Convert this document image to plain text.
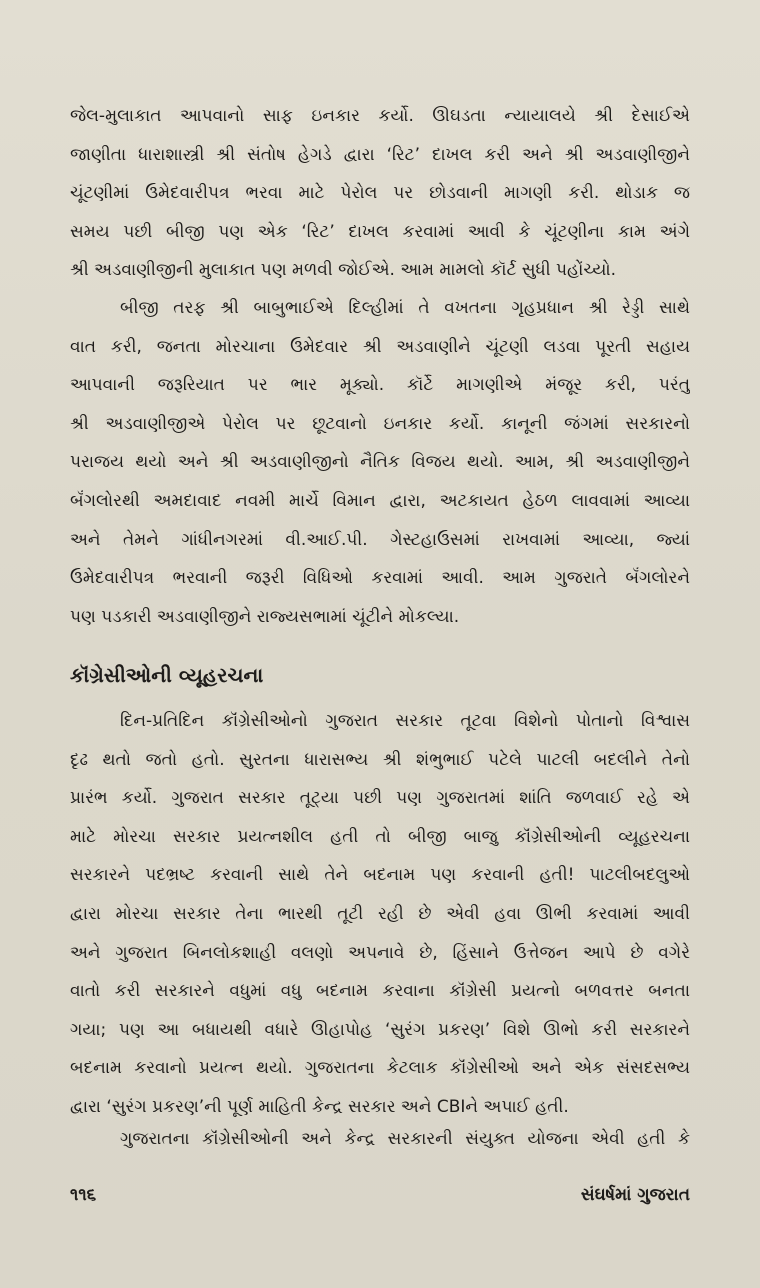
જેલ-મુલાકાત આપવાનો સાફ ઇનકાર કર્યો. ઊઘડતા ન્યાયાલયે શ્રી દેસાઈએ
જાણીતા ધારાશાસ્ત્રી શ્રી સંતોષ હેગડે દ્વારા ‘રિટ’ દાખલ કરી અને શ્રી અડવાણીજીને
ચૂંટણીમાં ઉમેદવારીપત્ર ભરવા માટે પેરોલ પર છોડવાની માગણી કરી. થોડાક જ
સમય પછી બીજી પણ એક ‘રિટ’ દાખલ કરવામાં આવી કે ચૂંટણીના કામ અંગે
શ્રી અડવાણીજીની મુલાકાત પણ મળવી જોઈએ. આમ મામલો કૉર્ટ સુધી પહોંચ્યો.
બીજી તરફ શ્રી બાબુભાઈએ દિલ્હીમાં તે વખતના ગૃહપ્રધાન શ્રી રેડ્ડી સાથે
વાત કરી, જનતા મોરચાના ઉમેદવાર શ્રી અડવાણીને ચૂંટણી લડવા પૂરતી સહાય
આપવાની જરૂરિયાત પર ભાર મૂક્યો. કૉર્ટે માગણીએ મંજૂર કરી, પરંતુ
શ્રી અડવાણીજીએ પેરોલ પર છૂટવાનો ઇનકાર કર્યો. કાનૂની જંગમાં સરકારનો
પરાજય થયો અને શ્રી અડવાણીજીનો નૈતિક વિજય થયો. આમ, શ્રી અડવાણીજીને
બૅંગલોરથી અમદાવાદ નવમી માર્ચે વિમાન દ્વારા, અટકાયત હેઠળ લાવવામાં આવ્યા
અને તેમને ગાંધીનગરમાં વી.આઈ.પી. ગેસ્ટહાઉસમાં રાખવામાં આવ્યા, જ્યાં
ઉમેદવારીપત્ર ભરવાની જરૂરી વિધિઓ કરવામાં આવી. આમ ગુજરાતે બૅંગલોરને
પણ પડકારી અડવાણીજીને રાજ્યસભામાં ચૂંટીને મોકલ્યા.
કૉંગ્રેસીઓની વ્યૂહરચના
દિન-પ્રતિદિન કૉંગ્રેસીઓનો ગુજરાત સરકાર તૂટવા વિશેનો પોતાનો વિશ્વાસ
દૃઢ થતો જતો હતો. સુરતના ધારાસભ્ય શ્રી શંભુભાઈ પટેલે પાટલી બદલીને તેનો
પ્રારંભ કર્યો. ગુજરાત સરકાર તૂટ્યા પછી પણ ગુજરાતમાં શાંતિ જળવાઈ રહે એ
માટે મોરચા સરકાર પ્રયત્નશીલ હતી તો બીજી બાજુ કૉંગ્રેસીઓની વ્યૂહરચના
સરકારને પદભ્રષ્ટ કરવાની સાથે તેને બદનામ પણ કરવાની હતી! પાટલીબદલુઓ
દ્વારા મોરચા સરકાર તેના ભારથી તૂટી રહી છે એવી હવા ઊભી કરવામાં આવી
અને ગુજરાત બિનલોકશાહી વલણો અપનાવે છે, હિંસાને ઉત્તેજન આપે છે વગેરે
વાતો કરી સરકારને વધુમાં વધુ બદનામ કરવાના કૉંગ્રેસી પ્રયત્નો બળવત્તર બનતા
ગયા; પણ આ બધાયથી વધારે ઊહાપોહ ‘સુરંગ પ્રકરણ’ વિશે ઊભો કરી સરકારને
બદનામ કરવાનો પ્રયત્ન થયો. ગુજરાતના કેટલાક કૉંગ્રેસીઓ અને એક સંસદસભ્ય
દ્વારા ‘સુરંગ પ્રકરણ’ની પૂર્ણ માહિતી કેન્દ્ર સરકાર અને CBIને અપાઈ હતી.
ગુજરાતના કૉંગ્રેસીઓની અને કેન્દ્ર સરકારની સંયુક્ત યોજના એવી હતી કે
૧૧૬	સંઘર્ષમાં ગુજરાત
